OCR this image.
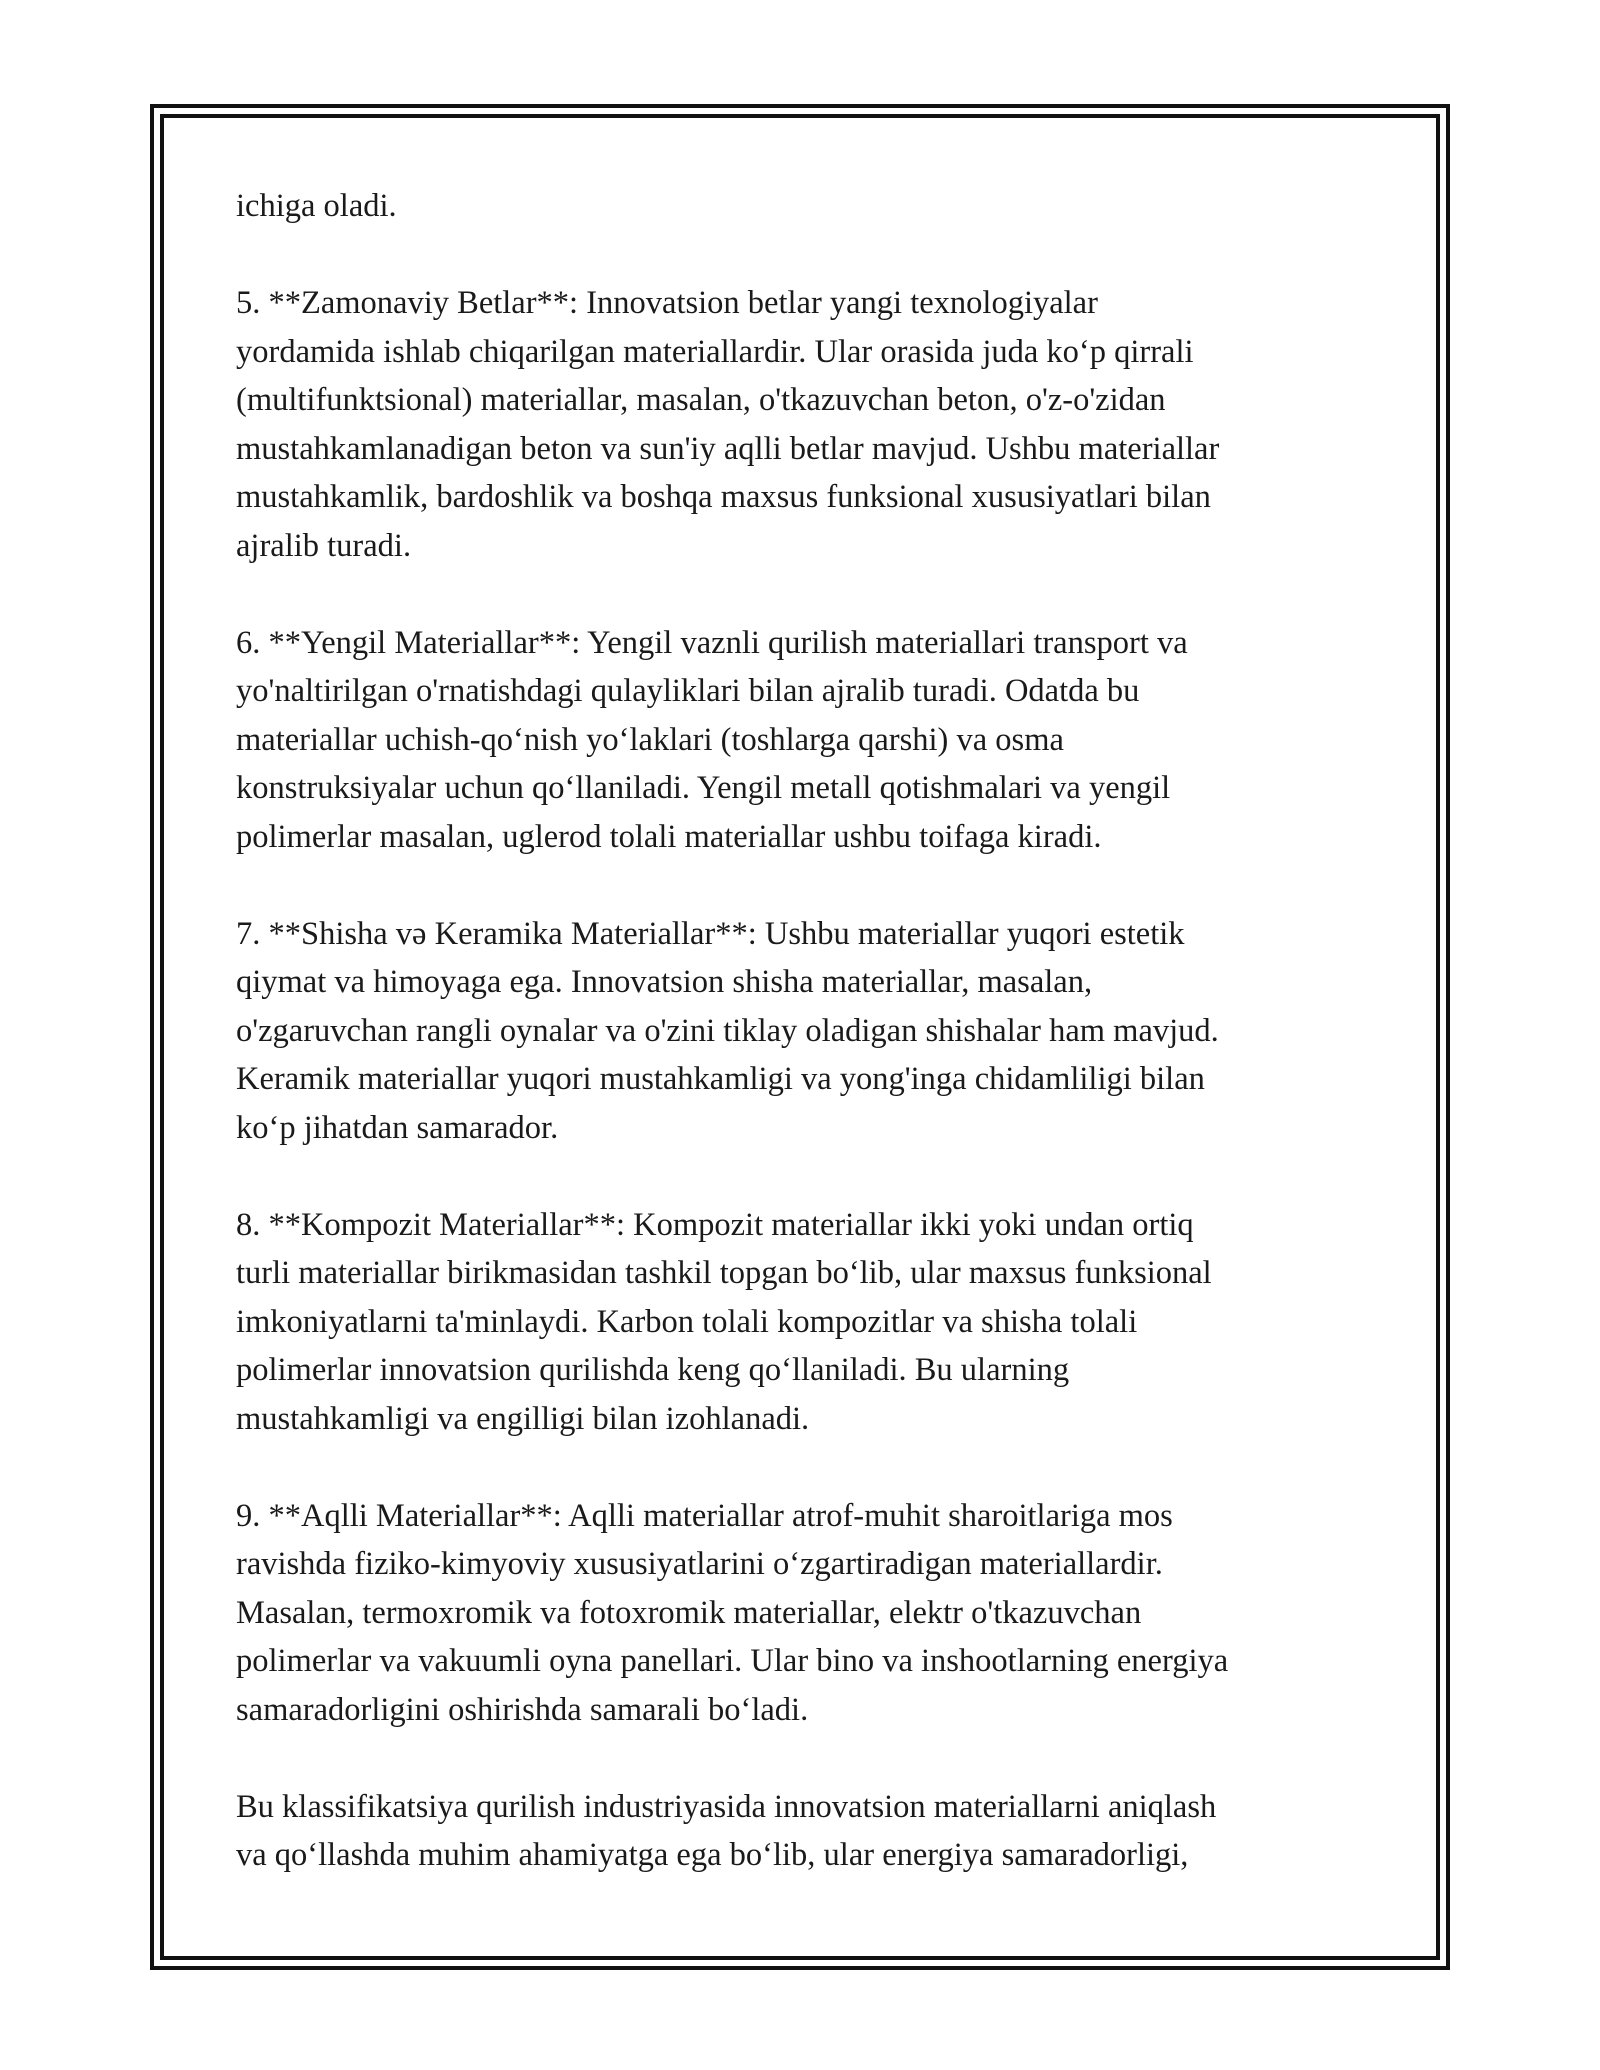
ichiga oladi.

5. **Zamonaviy Betlar**: Innovatsion betlar yangi texnologiyalar
yordamida ishlab chiqarilgan materiallardir. Ular orasida juda koʻp qirrali
(multifunktsional) materiallar, masalan, o'tkazuvchan beton, o'z-o'zidan
mustahkamlanadigan beton va sun'iy aqlli betlar mavjud. Ushbu materiallar
mustahkamlik, bardoshlik va boshqa maxsus funksional xususiyatlari bilan
ajralib turadi.

6. **Yengil Materiallar**: Yengil vaznli qurilish materiallari transport va
yo'naltirilgan o'rnatishdagi qulayliklari bilan ajralib turadi. Odatda bu
materiallar uchish-qoʻnish yoʻlaklari (toshlarga qarshi) va osma
konstruksiyalar uchun qoʻllaniladi. Yengil metall qotishmalari va yengil
polimerlar masalan, uglerod tolali materiallar ushbu toifaga kiradi.

7. **Shisha və Keramika Materiallar**: Ushbu materiallar yuqori estetik
qiymat va himoyaga ega. Innovatsion shisha materiallar, masalan,
o'zgaruvchan rangli oynalar va o'zini tiklay oladigan shishalar ham mavjud.
Keramik materiallar yuqori mustahkamligi va yong'inga chidamliligi bilan
koʻp jihatdan samarador.

8. **Kompozit Materiallar**: Kompozit materiallar ikki yoki undan ortiq
turli materiallar birikmasidan tashkil topgan boʻlib, ular maxsus funksional
imkoniyatlarni ta'minlaydi. Karbon tolali kompozitlar va shisha tolali
polimerlar innovatsion qurilishda keng qoʻllaniladi. Bu ularning
mustahkamligi va engilligi bilan izohlanadi.

9. **Aqlli Materiallar**: Aqlli materiallar atrof-muhit sharoitlariga mos
ravishda fiziko-kimyoviy xususiyatlarini oʻzgartiradigan materiallardir.
Masalan, termoxromik va fotoxromik materiallar, elektr o'tkazuvchan
polimerlar va vakuumli oyna panellari. Ular bino va inshootlarning energiya
samaradorligini oshirishda samarali boʻladi.

Bu klassifikatsiya qurilish industriyasida innovatsion materiallarni aniqlash
va qoʻllashda muhim ahamiyatga ega boʻlib, ular energiya samaradorligi,
